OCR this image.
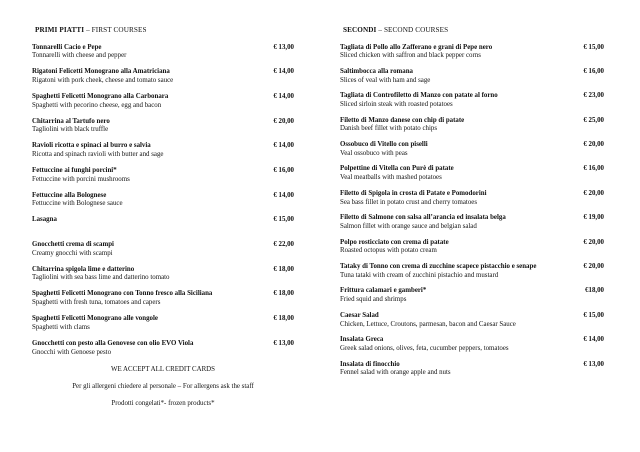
PRIMI PIATTI – FIRST COURSES
Tonnarelli Cacio e Pepe
Tonnarelli with cheese and pepper
€ 13,00
Rigatoni Felicetti Monograno alla Amatriciana
Rigatoni with pork cheek, cheese and tomato sauce
€ 14,00
Spaghetti Felicetti Monograno alla Carbonara
Spaghetti with pecorino cheese, egg and bacon
€ 14,00
Chitarrina al Tartufo nero
Tagliolini with black truffle
€ 20,00
Ravioli ricotta e spinaci al burro e salvia
Ricotta and spinach ravioli with butter and sage
€ 14,00
Fettuccine ai funghi porcini*
Fettuccine with porcini mushrooms
€ 16,00
Fettuccine alla Bolognese
Fettuccine with Bolognese sauce
€ 14,00
Lasagna	€ 15,00
Gnocchetti crema di scampi
Creamy gnocchi with scampi
€ 22,00
Chitarrina spigola lime e datterino
Tagliolini with sea bass lime and datterino tomato
€ 18,00
Spaghetti Felicetti Monograno con Tonno fresco alla Siciliana
Spaghetti with fresh tuna, tomatoes and capers
€ 18,00
Spaghetti Felicetti Monograno alle vongole
Spaghetti with clams
€ 18,00
Gnocchetti con pesto alla Genovese con olio EVO Viola
Gnocchi with Genoese pesto
€ 13,00
WE ACCEPT ALL CREDIT CARDS
Per gli allergeni chiedere al personale – For allergens ask the staff
Prodotti congelati*- frozen products*
SECONDI – SECOND COURSES
Tagliata di Pollo allo Zafferano e grani di Pepe nero
Sliced chicken with saffron and black pepper corns
€ 15,00
Saltimbocca alla romana
Slices of veal with ham and sage
€ 16,00
Tagliata di Controfiletto di Manzo con patate al forno
Sliced sirloin steak with roasted potatoes
€ 23,00
Filetto di Manzo danese con chip di patate
Danish beef fillet with potato chips
€ 25,00
Ossobuco di Vitello con piselli
Veal ossobuco with peas
€ 20,00
Polpettine di Vitella con Purè di patate
Veal meatballs with mashed potatoes
€ 16,00
Filetto di Spigola in crosta di Patate e Pomodorini
Sea bass fillet in potato crust and cherry tomatoes
€ 20,00
Filetto di Salmone con salsa all’arancia ed insalata belga
Salmon fillet with orange sauce and belgian salad
€ 19,00
Polpo rosticciato con crema di patate
Roasted octopus with potato cream
€ 20,00
Tataky di Tonno con crema di zucchine scapece pistacchio e senape
Tuna tataki with cream of zucchini pistachio and mustard
€ 20,00
Frittura calamari e gamberi*
Fried squid and shrimps
€18,00
Caesar Salad
Chicken, Lettuce, Croutons, parmesan, bacon and Caesar Sauce
€ 15,00
Insalata Greca
Greek salad onions, olives, feta, cucumber peppers, tomatoes
€ 14,00
Insalata di finocchio
Fennel salad with orange apple and nuts
€ 13,00
